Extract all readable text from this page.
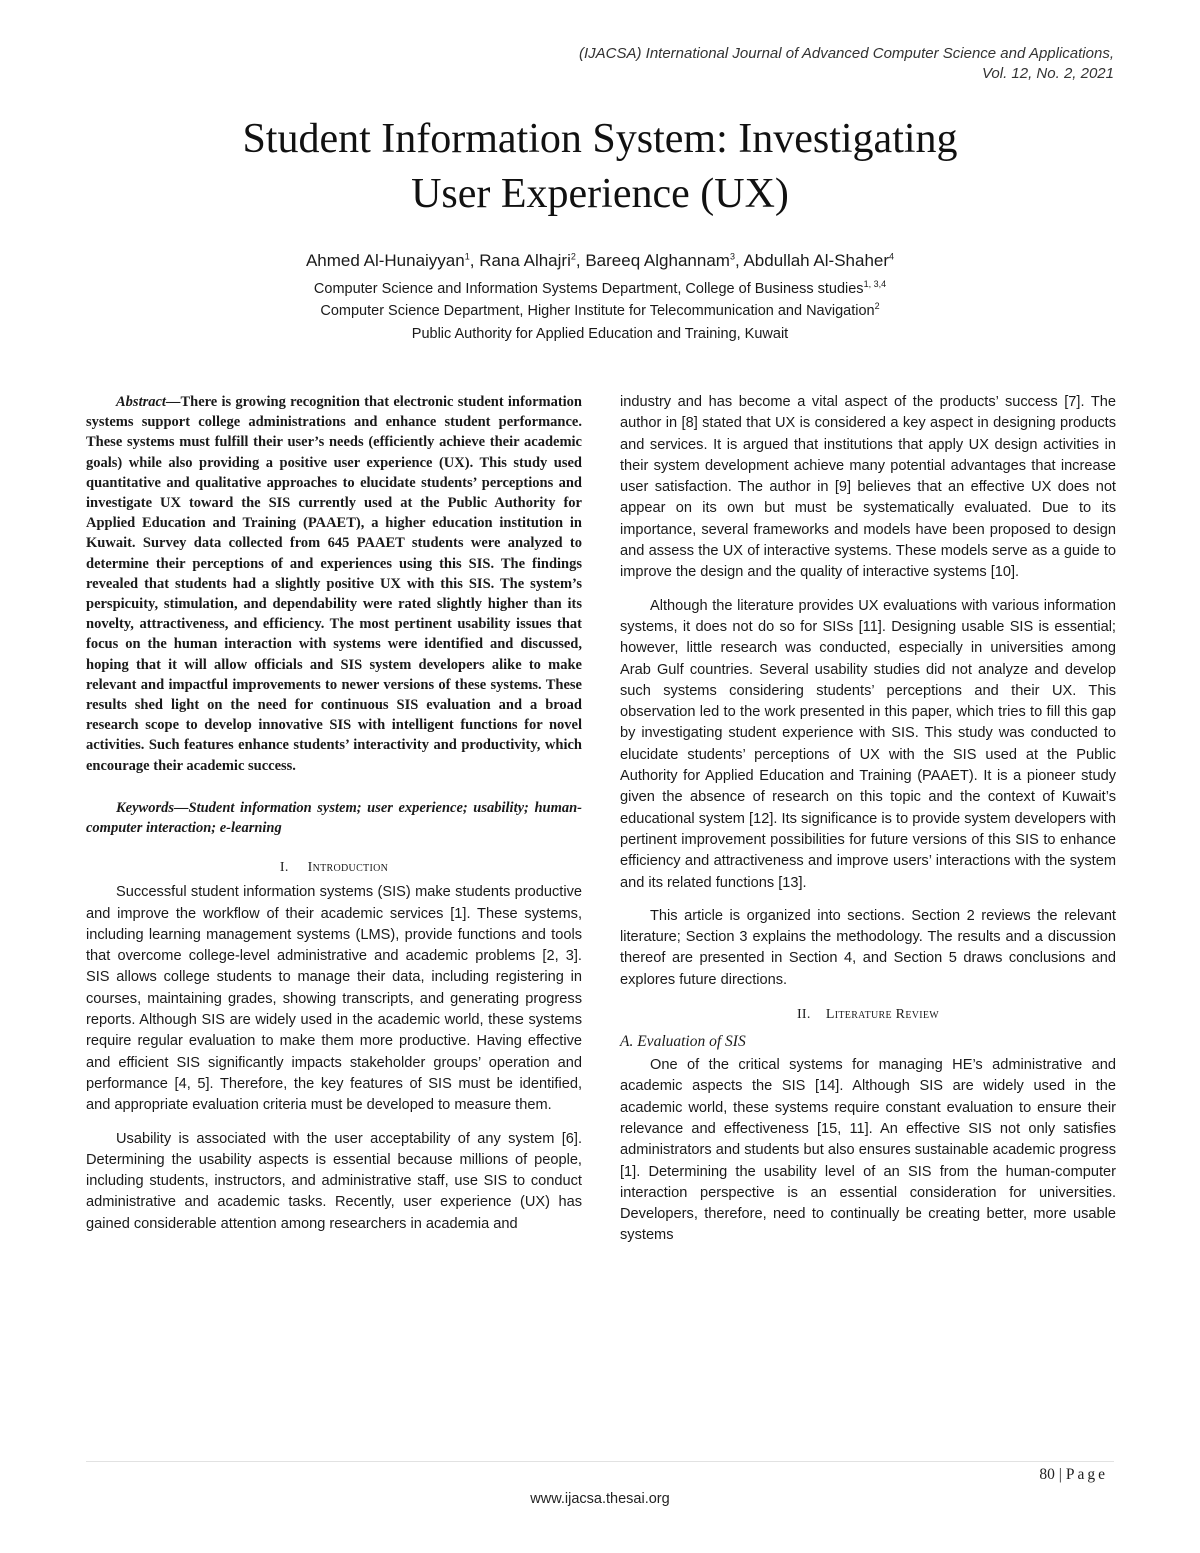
(IJACSA) International Journal of Advanced Computer Science and Applications,
Vol. 12, No. 2, 2021
Student Information System: Investigating
User Experience (UX)
Ahmed Al-Hunaiyyan$^1$, Rana Alhajri$^2$, Bareeq Alghannam$^3$, Abdullah Al-Shaher$^4$
Computer Science and Information Systems Department, College of Business studies$^{1, 3,4}$
Computer Science Department, Higher Institute for Telecommunication and Navigation$^2$
Public Authority for Applied Education and Training, Kuwait

Abstract—There is growing recognition that electronic student information systems support college administrations and enhance student performance. These systems must fulfill their user’s needs (efficiently achieve their academic goals) while also providing a positive user experience (UX). This study used quantitative and qualitative approaches to elucidate students’ perceptions and investigate UX toward the SIS currently used at the Public Authority for Applied Education and Training (PAAET), a higher education institution in Kuwait. Survey data collected from 645 PAAET students were analyzed to determine their perceptions of and experiences using this SIS. The findings revealed that students had a slightly positive UX with this SIS. The system’s perspicuity, stimulation, and dependability were rated slightly higher than its novelty, attractiveness, and efficiency. The most pertinent usability issues that focus on the human interaction with systems were identified and discussed, hoping that it will allow officials and SIS system developers alike to make relevant and impactful improvements to newer versions of these systems. These results shed light on the need for continuous SIS evaluation and a broad research scope to develop innovative SIS with intelligent functions for novel activities. Such features enhance students’ interactivity and productivity, which encourage their academic success.

Keywords—Student information system; user experience; usability; human-computer interaction; e-learning

I. Introduction

Successful student information systems (SIS) make students productive and improve the workflow of their academic services [1]. These systems, including learning management systems (LMS), provide functions and tools that overcome college-level administrative and academic problems [2, 3]. SIS allows college students to manage their data, including registering in courses, maintaining grades, showing transcripts, and generating progress reports. Although SIS are widely used in the academic world, these systems require regular evaluation to make them more productive. Having effective and efficient SIS significantly impacts stakeholder groups’ operation and performance [4, 5]. Therefore, the key features of SIS must be identified, and appropriate evaluation criteria must be developed to measure them.

Usability is associated with the user acceptability of any system [6]. Determining the usability aspects is essential because millions of people, including students, instructors, and administrative staff, use SIS to conduct administrative and academic tasks. Recently, user experience (UX) has gained considerable attention among researchers in academia and

industry and has become a vital aspect of the products’ success [7]. The author in [8] stated that UX is considered a key aspect in designing products and services. It is argued that institutions that apply UX design activities in their system development achieve many potential advantages that increase user satisfaction. The author in [9] believes that an effective UX does not appear on its own but must be systematically evaluated. Due to its importance, several frameworks and models have been proposed to design and assess the UX of interactive systems. These models serve as a guide to improve the design and the quality of interactive systems [10].

Although the literature provides UX evaluations with various information systems, it does not do so for SISs [11]. Designing usable SIS is essential; however, little research was conducted, especially in universities among Arab Gulf countries. Several usability studies did not analyze and develop such systems considering students’ perceptions and their UX. This observation led to the work presented in this paper, which tries to fill this gap by investigating student experience with SIS. This study was conducted to elucidate students’ perceptions of UX with the SIS used at the Public Authority for Applied Education and Training (PAAET). It is a pioneer study given the absence of research on this topic and the context of Kuwait’s educational system [12]. Its significance is to provide system developers with pertinent improvement possibilities for future versions of this SIS to enhance efficiency and attractiveness and improve users’ interactions with the system and its related functions [13].

This article is organized into sections. Section 2 reviews the relevant literature; Section 3 explains the methodology. The results and a discussion thereof are presented in Section 4, and Section 5 draws conclusions and explores future directions.

II. Literature Review

A. Evaluation of SIS

One of the critical systems for managing HE’s administrative and academic aspects the SIS [14]. Although SIS are widely used in the academic world, these systems require constant evaluation to ensure their relevance and effectiveness [15, 11]. An effective SIS not only satisfies administrators and students but also ensures sustainable academic progress [1]. Determining the usability level of an SIS from the human-computer interaction perspective is an essential consideration for universities. Developers, therefore, need to continually be creating better, more usable systems

80 | Page
www.ijacsa.thesai.org
